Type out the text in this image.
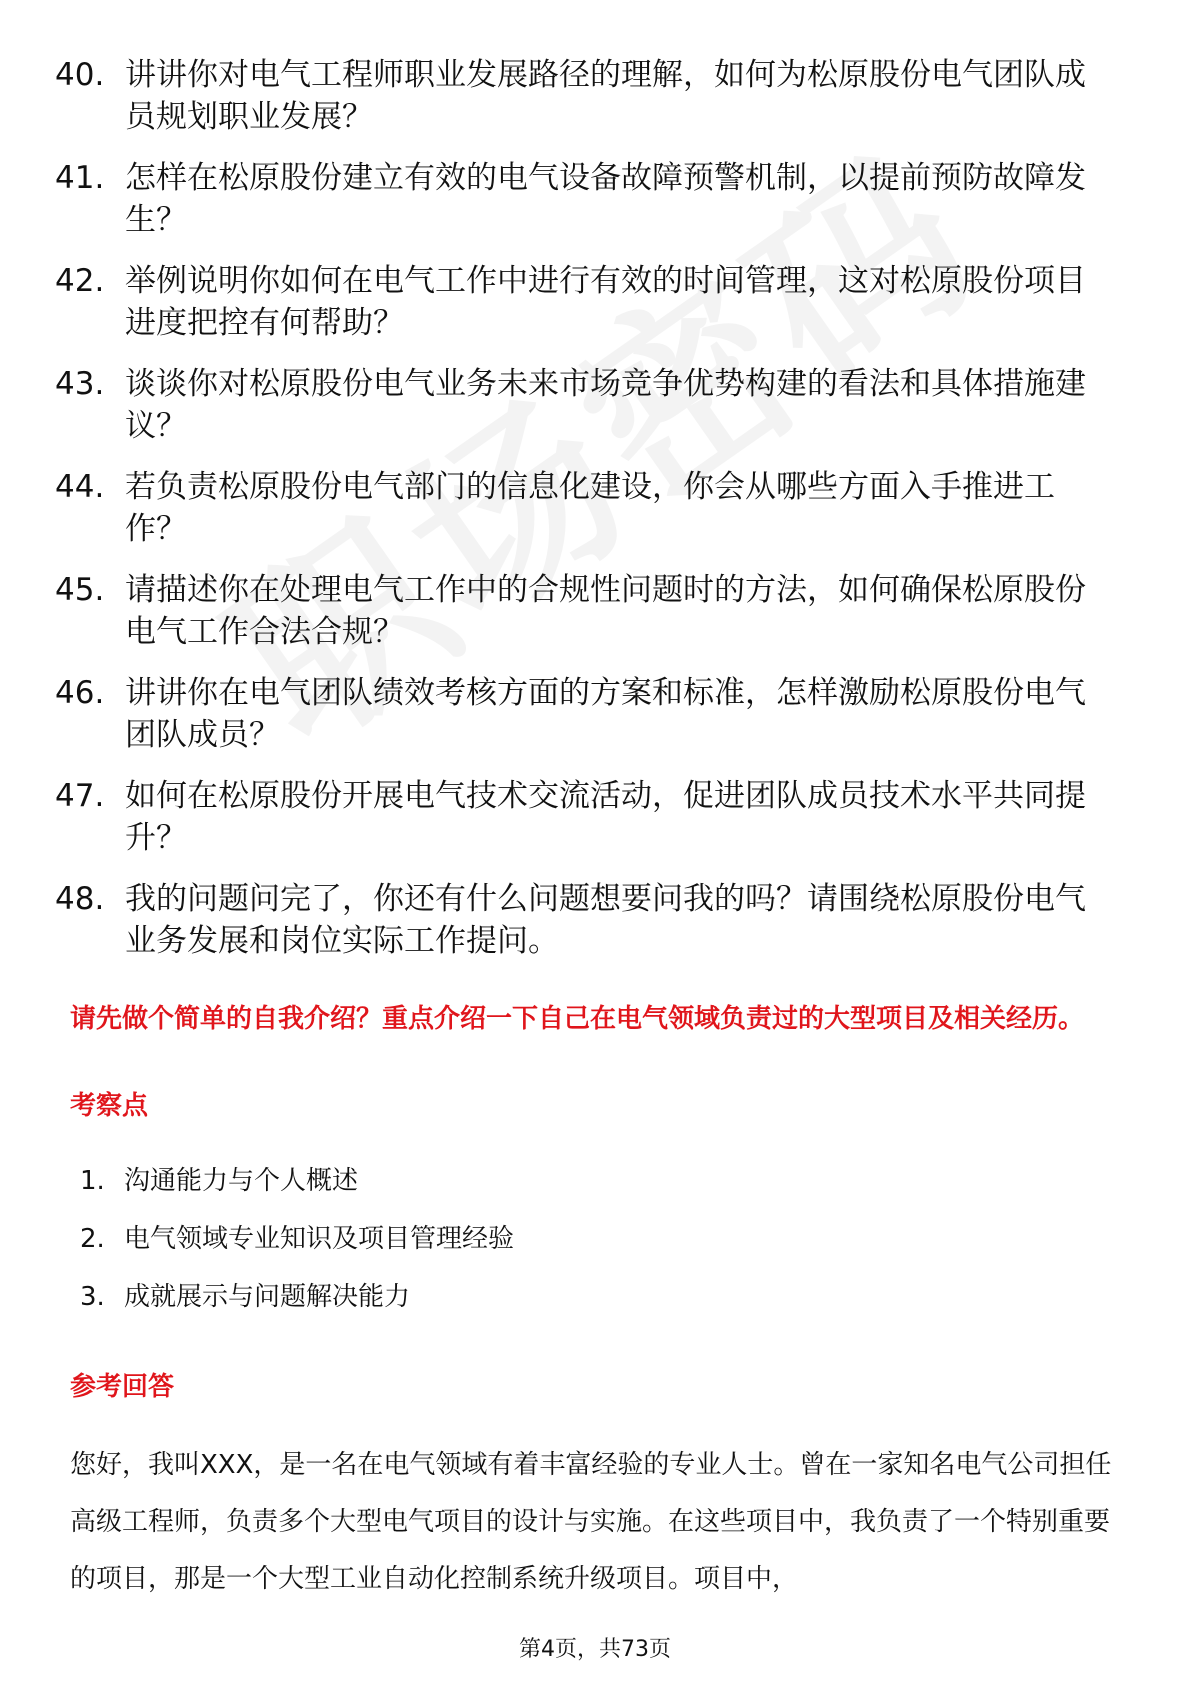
40. 讲讲你对电气工程师职业发展路径的理解，如何为松原股份电气团队成员规划职业发展？
41. 怎样在松原股份建立有效的电气设备故障预警机制，以提前预防故障发生？
42. 举例说明你如何在电气工作中进行有效的时间管理，这对松原股份项目进度把控有何帮助？
43. 谈谈你对松原股份电气业务未来市场竞争优势构建的看法和具体措施建议？
44. 若负责松原股份电气部门的信息化建设，你会从哪些方面入手推进工作？
45. 请描述你在处理电气工作中的合规性问题时的方法，如何确保松原股份电气工作合法合规？
46. 讲讲你在电气团队绩效考核方面的方案和标准，怎样激励松原股份电气团队成员？
47. 如何在松原股份开展电气技术交流活动，促进团队成员技术水平共同提升？
48. 我的问题问完了，你还有什么问题想要问我的吗？请围绕松原股份电气业务发展和岗位实际工作提问。
请先做个简单的自我介绍？重点介绍一下自己在电气领域负责过的大型项目及相关经历。
考察点
1. 沟通能力与个人概述
2. 电气领域专业知识及项目管理经验
3. 成就展示与问题解决能力
参考回答
您好，我叫XXX，是一名在电气领域有着丰富经验的专业人士。曾在一家知名电气公司担任高级工程师，负责多个大型电气项目的设计与实施。在这些项目中，我负责了一个特别重要的项目，那是一个大型工业自动化控制系统升级项目。项目中，
第4页，共73页
